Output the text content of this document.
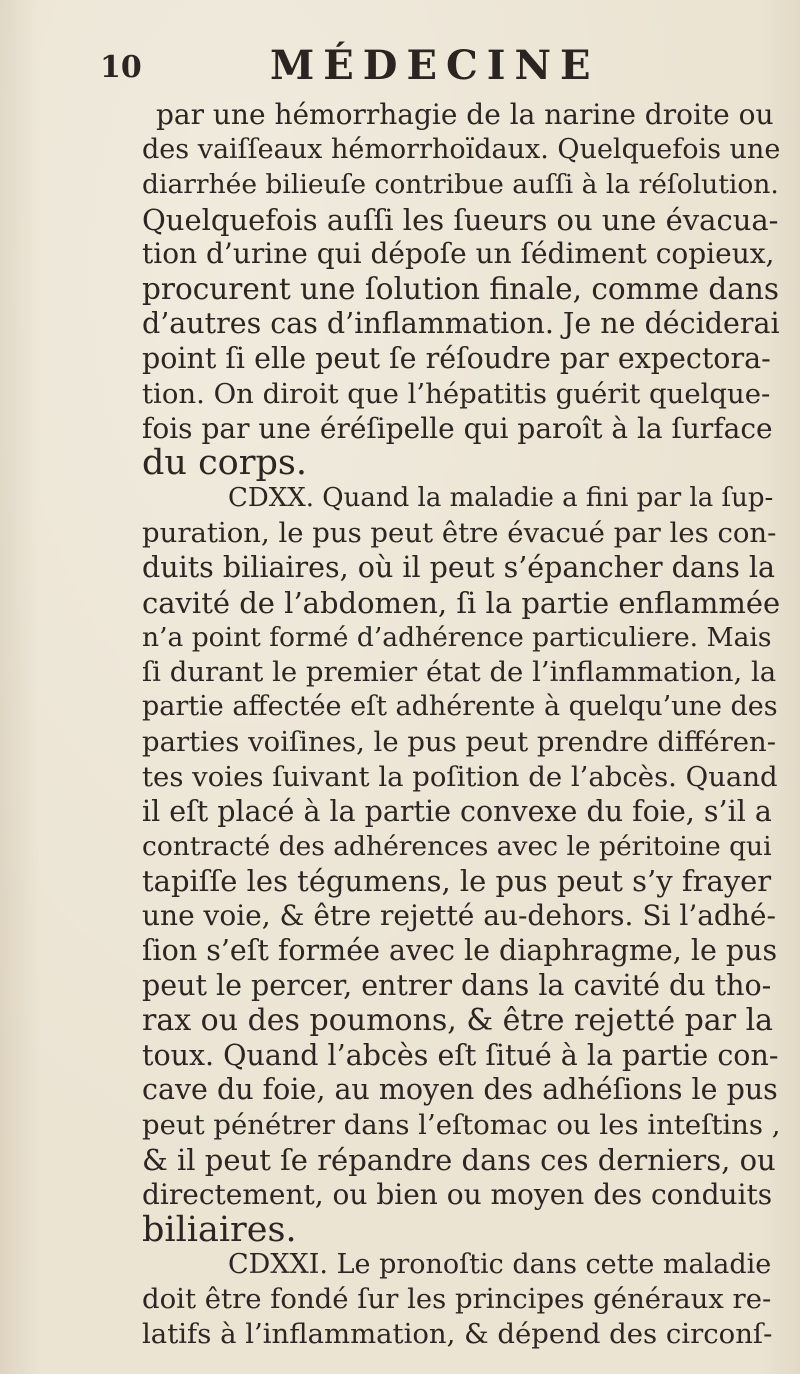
10	MÉDECINE
par une hémorrhagie de la narine droite ou
des vaiſſeaux hémorrhoïdaux. Quelquefois une
diarrhée bilieuſe contribue auſſi à la réſolution.
Quelquefois auſſi les ſueurs ou une évacua-
tion d’urine qui dépoſe un ſédiment copieux,
procurent une ſolution finale, comme dans
d’autres cas d’inflammation. Je ne déciderai
point ſi elle peut ſe réſoudre par expectora-
tion. On diroit que l’hépatitis guérit quelque-
fois par une éréſipelle qui paroît à la ſurface
du corps.
CDXX. Quand la maladie a fini par la ſup-
puration, le pus peut être évacué par les con-
duits biliaires, où il peut s’épancher dans la
cavité de l’abdomen, ſi la partie enflammée
n’a point formé d’adhérence particuliere. Mais
ſi durant le premier état de l’inflammation, la
partie affectée eſt adhérente à quelqu’une des
parties voiſines, le pus peut prendre différen-
tes voies ſuivant la poſition de l’abcès. Quand
il eſt placé à la partie convexe du foie, s’il a
contracté des adhérences avec le péritoine qui
tapiſſe les tégumens, le pus peut s’y frayer
une voie, & être rejetté au-dehors. Si l’adhé-
ſion s’eſt formée avec le diaphragme, le pus
peut le percer, entrer dans la cavité du tho-
rax ou des poumons, & être rejetté par la
toux. Quand l’abcès eſt ſitué à la partie con-
cave du foie, au moyen des adhéſions le pus
peut pénétrer dans l’eſtomac ou les inteſtins ,
& il peut ſe répandre dans ces derniers, ou
directement, ou bien ou moyen des conduits
biliaires.
CDXXI. Le pronoſtic dans cette maladie
doit être fondé ſur les principes généraux re-
latifs à l’inflammation, & dépend des circonſ-
